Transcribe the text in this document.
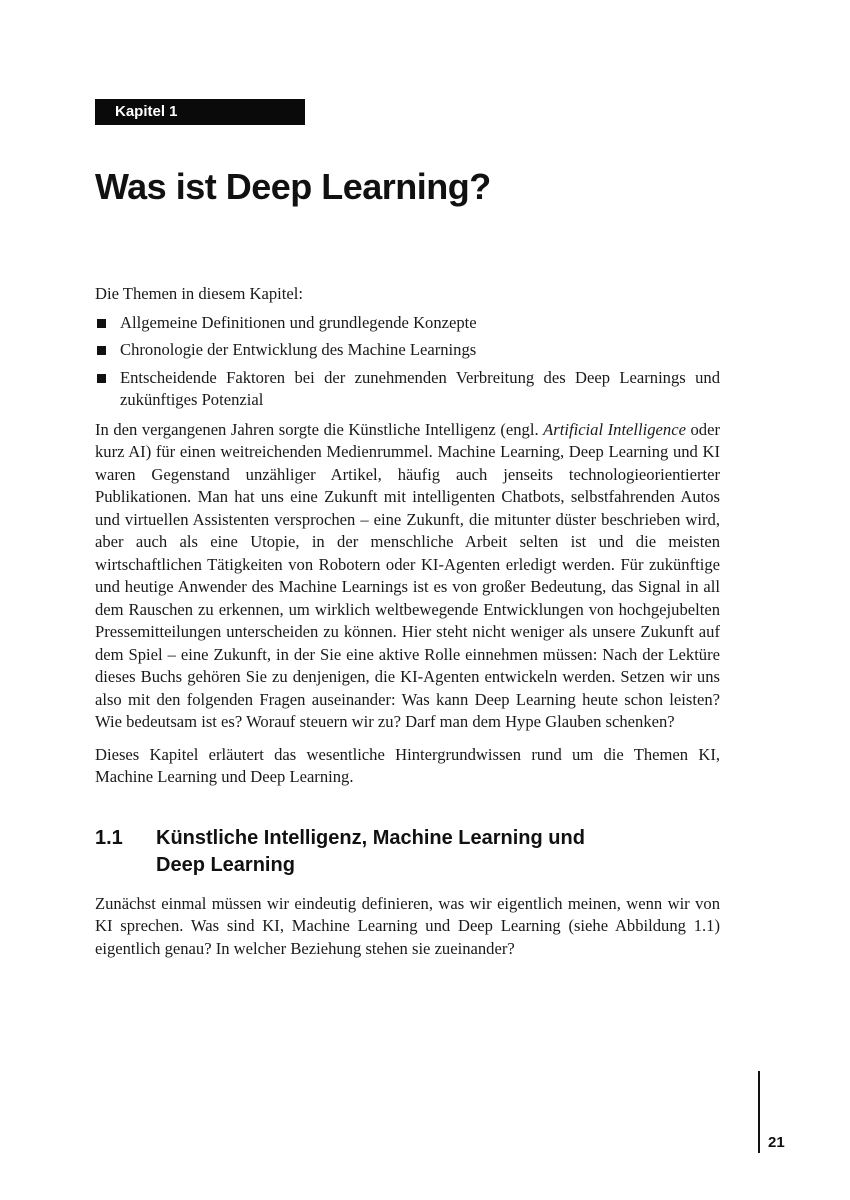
Kapitel 1
Was ist Deep Learning?

Die Themen in diesem Kapitel:

Allgemeine Definitionen und grundlegende Konzepte
Chronologie der Entwicklung des Machine Learnings
Entscheidende Faktoren bei der zunehmenden Verbreitung des Deep Learnings und zukünftiges Potenzial

In den vergangenen Jahren sorgte die Künstliche Intelligenz (engl. Artificial Intelligence oder kurz AI) für einen weitreichenden Medienrummel. Machine Learning, Deep Learning und KI waren Gegenstand unzähliger Artikel, häufig auch jenseits technologieorientierter Publikationen. Man hat uns eine Zukunft mit intelligenten Chatbots, selbstfahrenden Autos und virtuellen Assistenten versprochen – eine Zukunft, die mitunter düster beschrieben wird, aber auch als eine Utopie, in der menschliche Arbeit selten ist und die meisten wirtschaftlichen Tätigkeiten von Robotern oder KI-Agenten erledigt werden. Für zukünftige und heutige Anwender des Machine Learnings ist es von großer Bedeutung, das Signal in all dem Rauschen zu erkennen, um wirklich weltbewegende Entwicklungen von hochgejubelten Pressemitteilungen unterscheiden zu können. Hier steht nicht weniger als unsere Zukunft auf dem Spiel – eine Zukunft, in der Sie eine aktive Rolle einnehmen müssen: Nach der Lektüre dieses Buchs gehören Sie zu denjenigen, die KI-Agenten entwickeln werden. Setzen wir uns also mit den folgenden Fragen auseinander: Was kann Deep Learning heute schon leisten? Wie bedeutsam ist es? Worauf steuern wir zu? Darf man dem Hype Glauben schenken?

Dieses Kapitel erläutert das wesentliche Hintergrundwissen rund um die Themen KI, Machine Learning und Deep Learning.

1.1	Künstliche Intelligenz, Machine Learning und Deep Learning

Zunächst einmal müssen wir eindeutig definieren, was wir eigentlich meinen, wenn wir von KI sprechen. Was sind KI, Machine Learning und Deep Learning (siehe Abbildung 1.1) eigentlich genau? In welcher Beziehung stehen sie zueinander?

21
